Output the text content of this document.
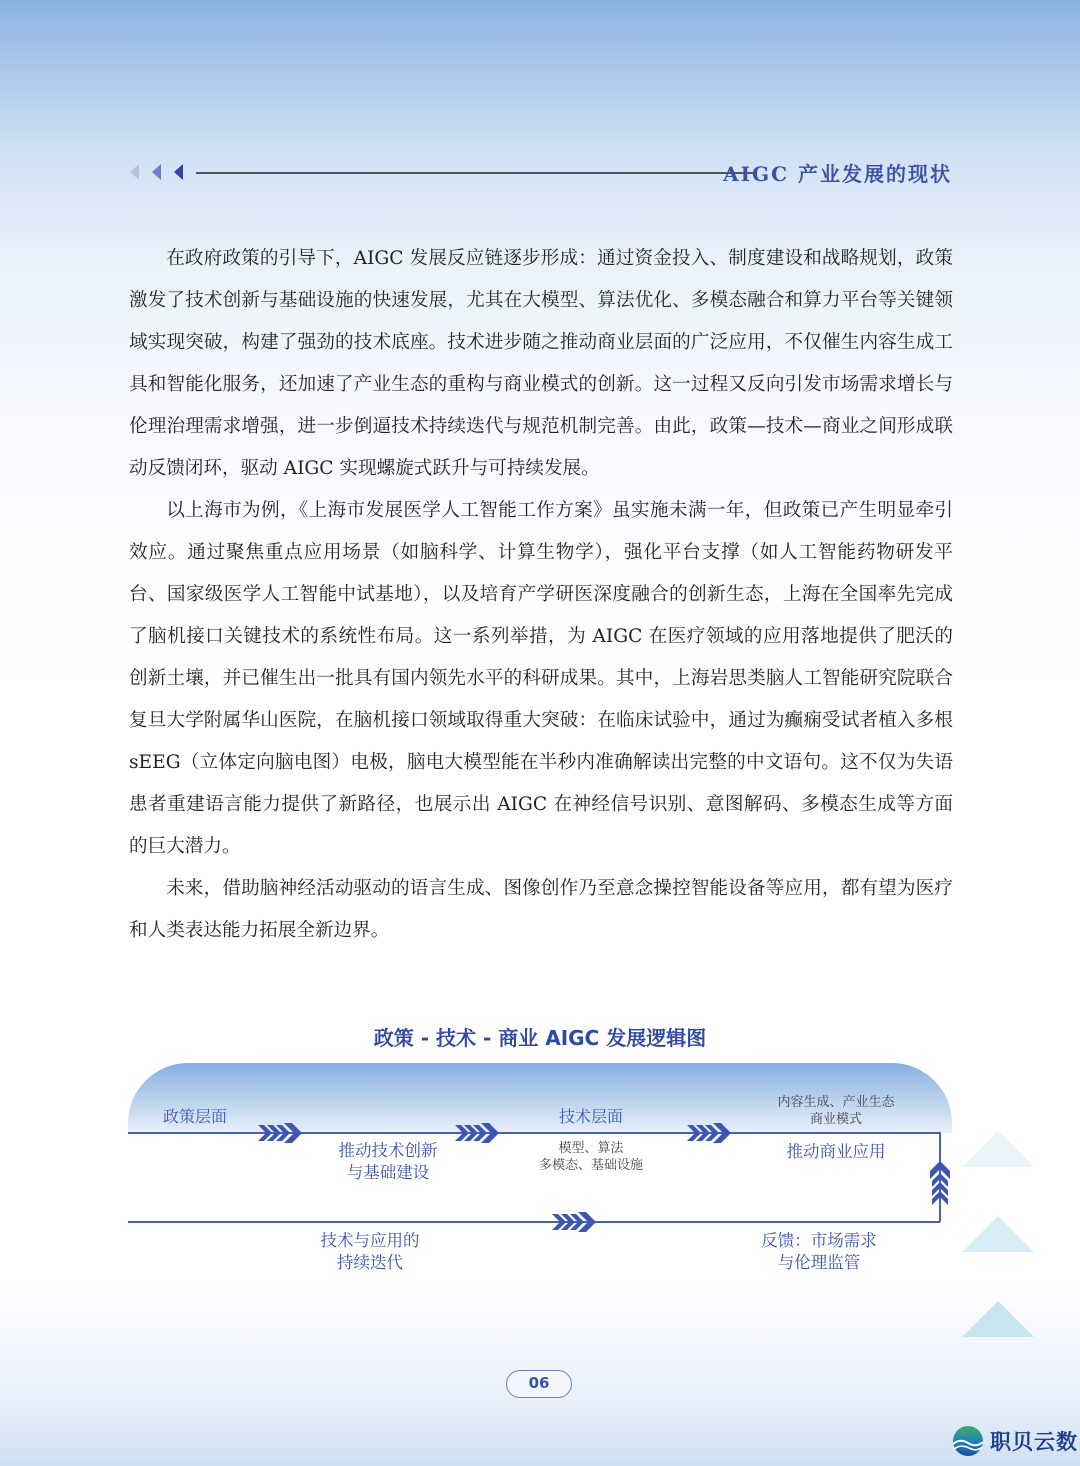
AIGC 产业发展的现状

在政府政策的引导下，AIGC 发展反应链逐步形成：通过资金投入、制度建设和战略规划，政策激发了技术创新与基础设施的快速发展，尤其在大模型、算法优化、多模态融合和算力平台等关键领域实现突破，构建了强劲的技术底座。技术进步随之推动商业层面的广泛应用，不仅催生内容生成工具和智能化服务，还加速了产业生态的重构与商业模式的创新。这一过程又反向引发市场需求增长与伦理治理需求增强，进一步倒逼技术持续迭代与规范机制完善。由此，政策—技术—商业之间形成联动反馈闭环，驱动 AIGC 实现螺旋式跃升与可持续发展。

以上海市为例，《上海市发展医学人工智能工作方案》虽实施未满一年，但政策已产生明显牵引效应。通过聚焦重点应用场景（如脑科学、计算生物学），强化平台支撑（如人工智能药物研发平台、国家级医学人工智能中试基地），以及培育产学研医深度融合的创新生态，上海在全国率先完成了脑机接口关键技术的系统性布局。这一系列举措，为 AIGC 在医疗领域的应用落地提供了肥沃的创新土壤，并已催生出一批具有国内领先水平的科研成果。其中，上海岩思类脑人工智能研究院联合复旦大学附属华山医院，在脑机接口领域取得重大突破：在临床试验中，通过为癫痫受试者植入多根 sEEG（立体定向脑电图）电极，脑电大模型能在半秒内准确解读出完整的中文语句。这不仅为失语患者重建语言能力提供了新路径，也展示出 AIGC 在神经信号识别、意图解码、多模态生成等方面的巨大潜力。

未来，借助脑神经活动驱动的语言生成、图像创作乃至意念操控智能设备等应用，都有望为医疗和人类表达能力拓展全新边界。

政策 - 技术 - 商业 AIGC 发展逻辑图
政策层面	技术层面
内容生成、产业生态
商业模式
推动技术创新
与基础建设
模型、算法
多模态、基础设施
推动商业应用
技术与应用的
持续迭代
反馈：市场需求
与伦理监管
06
职贝云数
